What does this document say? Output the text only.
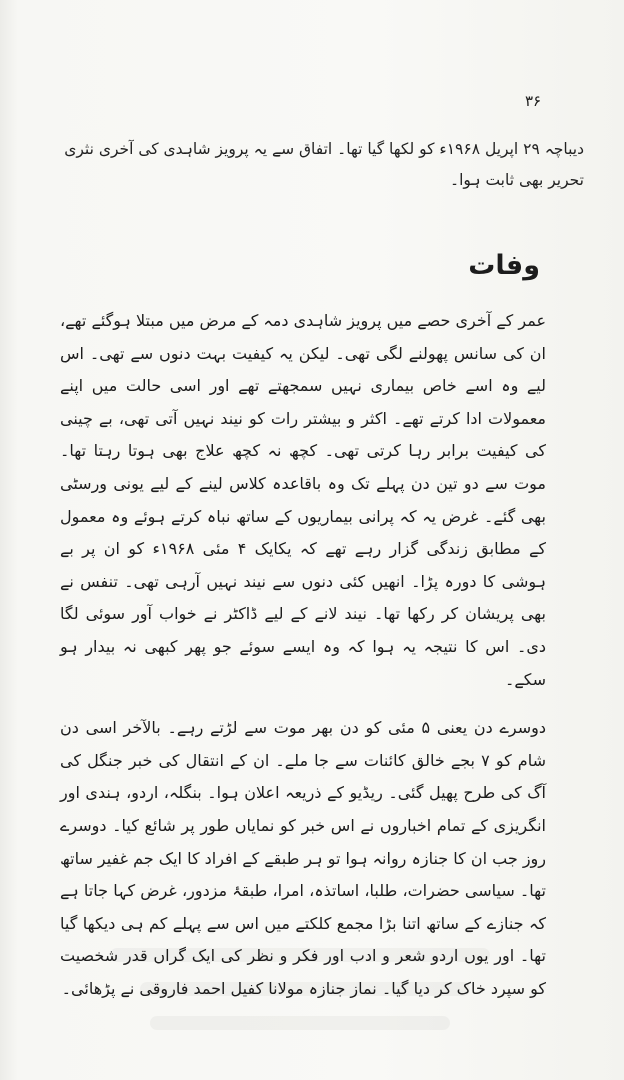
۳۶
دیباچہ ۲۹ اپریل ۱۹۶۸ء کو لکھا گیا تھا۔ اتفاق سے یہ پرویز شاہدی کی آخری نثری تحریر بھی ثابت ہوا۔
وفات

عمر کے آخری حصے میں پرویز شاہدی دمہ کے مرض میں مبتلا ہوگئے تھے، ان کی سانس پھولنے لگی تھی۔ لیکن یہ کیفیت بہت دنوں سے تھی۔ اس لیے وہ اسے خاص بیماری نہیں سمجھتے تھے اور اسی حالت میں اپنے معمولات ادا کرتے تھے۔ اکثر و بیشتر رات کو نیند نہیں آتی تھی، بے چینی کی کیفیت برابر رہا کرتی تھی۔ کچھ نہ کچھ علاج بھی ہوتا رہتا تھا۔ موت سے دو تین دن پہلے تک وہ باقاعدہ کلاس لینے کے لیے یونی ورسٹی بھی گئے۔ غرض یہ کہ پرانی بیماریوں کے ساتھ نباہ کرتے ہوئے وہ معمول کے مطابق زندگی گزار رہے تھے کہ یکایک ۴ مئی ۱۹۶۸ء کو ان پر بے ہوشی کا دورہ پڑا۔ انھیں کئی دنوں سے نیند نہیں آرہی تھی۔ تنفس نے بھی پریشان کر رکھا تھا۔ نیند لانے کے لیے ڈاکٹر نے خواب آور سوئی لگا دی۔ اس کا نتیجہ یہ ہوا کہ وہ ایسے سوئے جو پھر کبھی نہ بیدار ہو سکے۔

دوسرے دن یعنی ۵ مئی کو دن بھر موت سے لڑتے رہے۔ بالآخر اسی دن شام کو ۷ بجے خالق کائنات سے جا ملے۔ ان کے انتقال کی خبر جنگل کی آگ کی طرح پھیل گئی۔ ریڈیو کے ذریعہ اعلان ہوا۔ بنگلہ، اردو، ہندی اور انگریزی کے تمام اخباروں نے اس خبر کو نمایاں طور پر شائع کیا۔ دوسرے روز جب ان کا جنازہ روانہ ہوا تو ہر طبقے کے افراد کا ایک جم غفیر ساتھ تھا۔ سیاسی حضرات، طلبا، اساتذہ، امرا، طبقۂ مزدور، غرض کہا جاتا ہے کہ جنازے کے ساتھ اتنا بڑا مجمع کلکتے میں اس سے پہلے کم ہی دیکھا گیا تھا۔ اور یوں اردو شعر و ادب اور فکر و نظر کی ایک گراں قدر شخصیت کو سپرد خاک کر دیا گیا۔ نماز جنازہ مولانا کفیل احمد فاروقی نے پڑھائی۔
